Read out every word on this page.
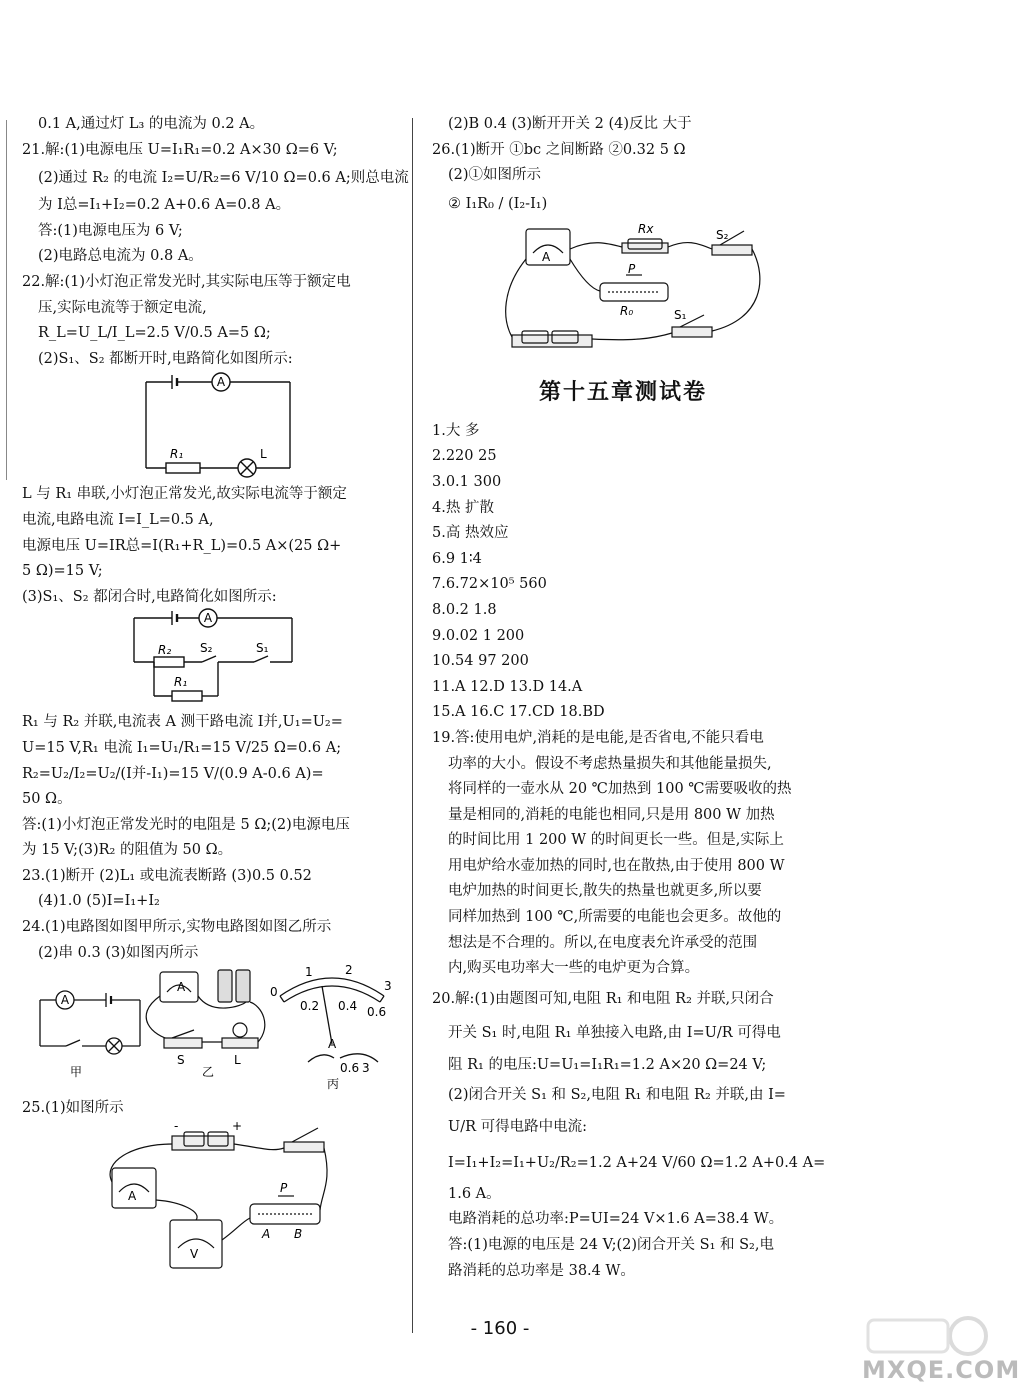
0.1 A,通过灯 L₃ 的电流为 0.2 A。
21.解:(1)电源电压 U=I₁R₁=0.2 A×30 Ω=6 V;
(2)通过 R₂ 的电流 I₂=U/R₂=6 V/10 Ω=0.6 A;则总电流
为 I总=I₁+I₂=0.2 A+0.6 A=0.8 A。
答:(1)电源电压为 6 V;
(2)电路总电流为 0.8 A。
22.解:(1)小灯泡正常发光时,其实际电压等于额定电
压,实际电流等于额定电流,
R_L=U_L/I_L=2.5 V/0.5 A=5 Ω;
(2)S₁、S₂ 都断开时,电路简化如图所示:
A
R₁	L
L 与 R₁ 串联,小灯泡正常发光,故实际电流等于额定
电流,电路电流 I=I_L=0.5 A,
电源电压 U=IR总=I(R₁+R_L)=0.5 A×(25 Ω+
5 Ω)=15 V;
(3)S₁、S₂ 都闭合时,电路简化如图所示:
A
R₂ S₂	S₁
R₁
R₁ 与 R₂ 并联,电流表 A 测干路电流 I并,U₁=U₂=
U=15 V,R₁ 电流 I₁=U₁/R₁=15 V/25 Ω=0.6 A;
R₂=U₂/I₂=U₂/(I并-I₁)=15 V/(0.9 A-0.6 A)=
50 Ω。
答:(1)小灯泡正常发光时的电阻是 5 Ω;(2)电源电压
为 15 V;(3)R₂ 的阻值为 50 Ω。
23.(1)断开 (2)L₁ 或电流表断路 (3)0.5 0.52
(4)1.0 (5)I=I₁+I₂
24.(1)电路图如图甲所示,实物电路图如图乙所示
(2)串 0.3 (3)如图丙所示
A
甲	乙
丙
A
S	L
0
1	2
3
0.2 0.4 0.6
A
0.6 3
25.(1)如图所示
-	+
A
V
P
A B
(2)B 0.4 (3)断开开关 2 (4)反比 大于
26.(1)断开 ①bc 之间断路 ②0.32 5 Ω
(2)①如图所示
② I₁R₀ / (I₂-I₁)
A
Rx	S₂
P
R₀	S₁
第十五章测试卷
1.大 多
2.220 25
3.0.1 300
4.热 扩散
5.高 热效应
6.9 1∶4
7.6.72×10⁵ 560
8.0.2 1.8
9.0.02 1 200
10.54 97 200
11.A 12.D 13.D 14.A
15.A 16.C 17.CD 18.BD
19.答:使用电炉,消耗的是电能,是否省电,不能只看电
功率的大小。假设不考虑热量损失和其他能量损失,
将同样的一壶水从 20 ℃加热到 100 ℃需要吸收的热
量是相同的,消耗的电能也相同,只是用 800 W 加热
的时间比用 1 200 W 的时间更长一些。但是,实际上
用电炉给水壶加热的同时,也在散热,由于使用 800 W
电炉加热的时间更长,散失的热量也就更多,所以要
同样加热到 100 ℃,所需要的电能也会更多。故他的
想法是不合理的。所以,在电度表允许承受的范围
内,购买电功率大一些的电炉更为合算。
20.解:(1)由题图可知,电阻 R₁ 和电阻 R₂ 并联,只闭合
开关 S₁ 时,电阻 R₁ 单独接入电路,由 I=U/R 可得电
阻 R₁ 的电压:U=U₁=I₁R₁=1.2 A×20 Ω=24 V;
(2)闭合开关 S₁ 和 S₂,电阻 R₁ 和电阻 R₂ 并联,由 I=
U/R 可得电路中电流:
I=I₁+I₂=I₁+U₂/R₂=1.2 A+24 V/60 Ω=1.2 A+0.4 A=
1.6 A。
电路消耗的总功率:P=UI=24 V×1.6 A=38.4 W。
答:(1)电源的电压是 24 V;(2)闭合开关 S₁ 和 S₂,电
路消耗的总功率是 38.4 W。
- 160 -
MXQE.COM
